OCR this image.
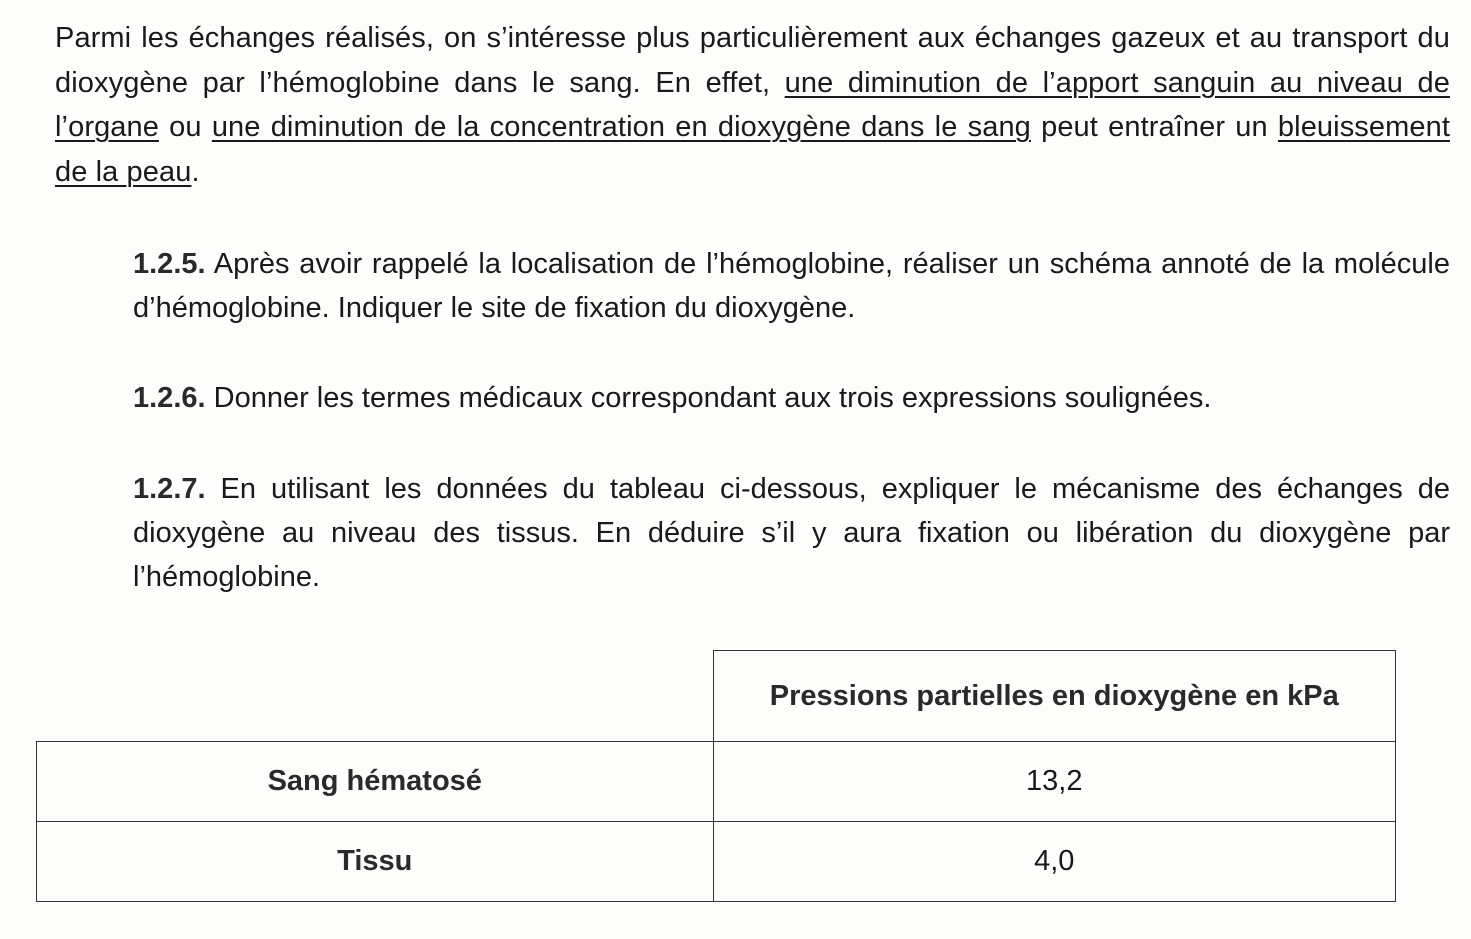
Parmi les échanges réalisés, on s’intéresse plus particulièrement aux échanges gazeux et au transport du dioxygène par l’hémoglobine dans le sang. En effet, une diminution de l’apport sanguin au niveau de l’organe ou une diminution de la concentration en dioxygène dans le sang peut entraîner un bleuissement de la peau.

1.2.5. Après avoir rappelé la localisation de l’hémoglobine, réaliser un schéma annoté de la molécule d’hémoglobine. Indiquer le site de fixation du dioxygène.

1.2.6. Donner les termes médicaux correspondant aux trois expressions soulignées.

1.2.7. En utilisant les données du tableau ci-dessous, expliquer le mécanisme des échanges de dioxygène au niveau des tissus. En déduire s’il y aura fixation ou libération du dioxygène par l’hémoglobine.

	Pressions partielles en dioxygène en kPa
Sang hématosé	13,2
Tissu	4,0
